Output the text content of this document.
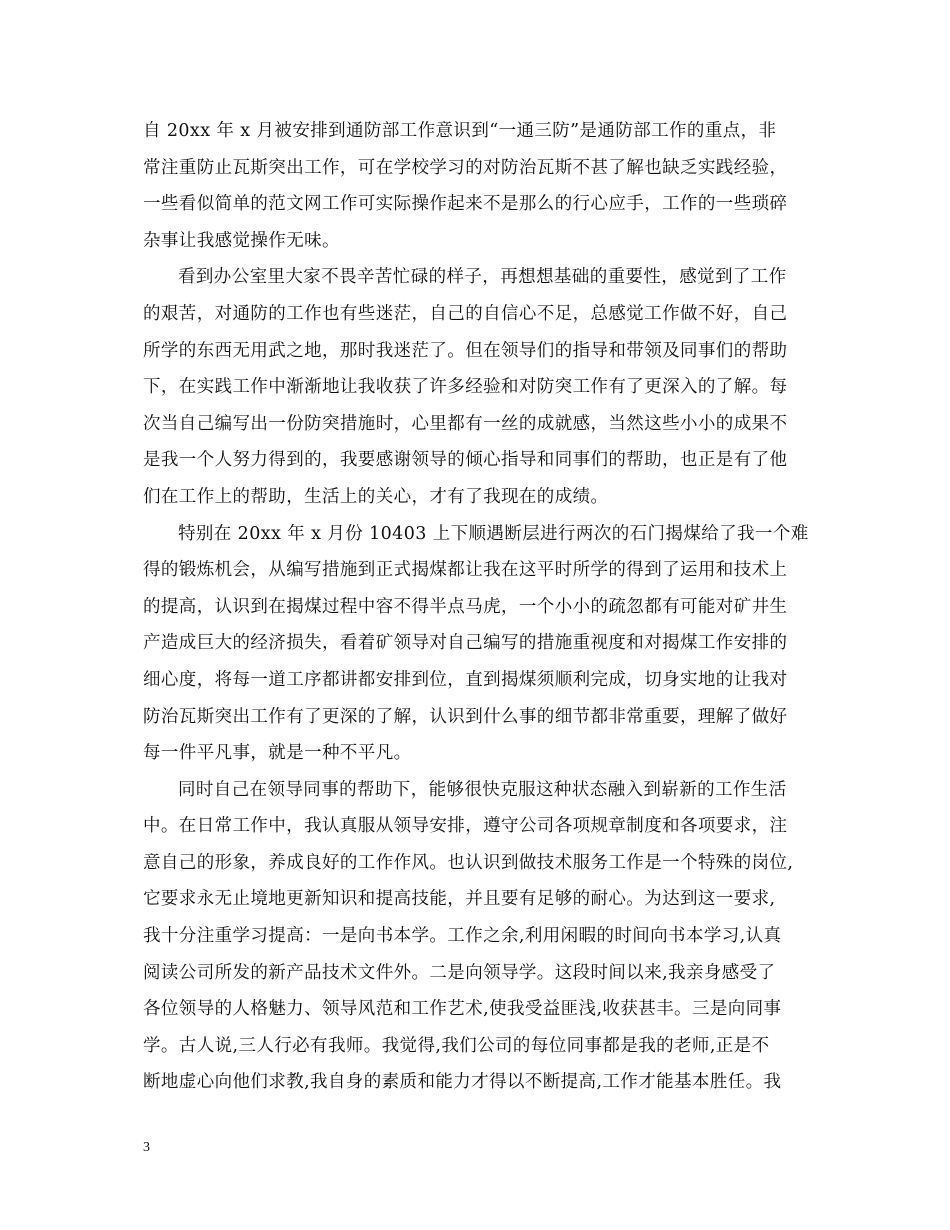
自 20xx 年 x 月被安排到通防部工作意识到“一通三防”是通防部工作的重点，非
常注重防止瓦斯突出工作，可在学校学习的对防治瓦斯不甚了解也缺乏实践经验，
一些看似简单的范文网工作可实际操作起来不是那么的行心应手，工作的一些琐碎
杂事让我感觉操作无味。

看到办公室里大家不畏辛苦忙碌的样子，再想想基础的重要性，感觉到了工作
的艰苦，对通防的工作也有些迷茫，自己的自信心不足，总感觉工作做不好，自己
所学的东西无用武之地，那时我迷茫了。但在领导们的指导和带领及同事们的帮助
下，在实践工作中渐渐地让我收获了许多经验和对防突工作有了更深入的了解。每
次当自己编写出一份防突措施时，心里都有一丝的成就感，当然这些小小的成果不
是我一个人努力得到的，我要感谢领导的倾心指导和同事们的帮助，也正是有了他
们在工作上的帮助，生活上的关心，才有了我现在的成绩。

特别在 20xx 年 x 月份 10403 上下顺遇断层进行两次的石门揭煤给了我一个难
得的锻炼机会，从编写措施到正式揭煤都让我在这平时所学的得到了运用和技术上
的提高，认识到在揭煤过程中容不得半点马虎，一个小小的疏忽都有可能对矿井生
产造成巨大的经济损失，看着矿领导对自己编写的措施重视度和对揭煤工作安排的
细心度，将每一道工序都讲都安排到位，直到揭煤须顺利完成，切身实地的让我对
防治瓦斯突出工作有了更深的了解，认识到什么事的细节都非常重要，理解了做好
每一件平凡事，就是一种不平凡。

同时自己在领导同事的帮助下，能够很快克服这种状态融入到崭新的工作生活
中。在日常工作中，我认真服从领导安排，遵守公司各项规章制度和各项要求，注
意自己的形象，养成良好的工作作风。也认识到做技术服务工作是一个特殊的岗位,
它要求永无止境地更新知识和提高技能，并且要有足够的耐心。为达到这一要求,
我十分注重学习提高：一是向书本学。工作之余,利用闲暇的时间向书本学习,认真
阅读公司所发的新产品技术文件外。二是向领导学。这段时间以来,我亲身感受了
各位领导的人格魅力、领导风范和工作艺术,使我受益匪浅,收获甚丰。三是向同事
学。古人说,三人行必有我师。我觉得,我们公司的每位同事都是我的老师,正是不
断地虚心向他们求教,我自身的素质和能力才得以不断提高,工作才能基本胜任。我

3
